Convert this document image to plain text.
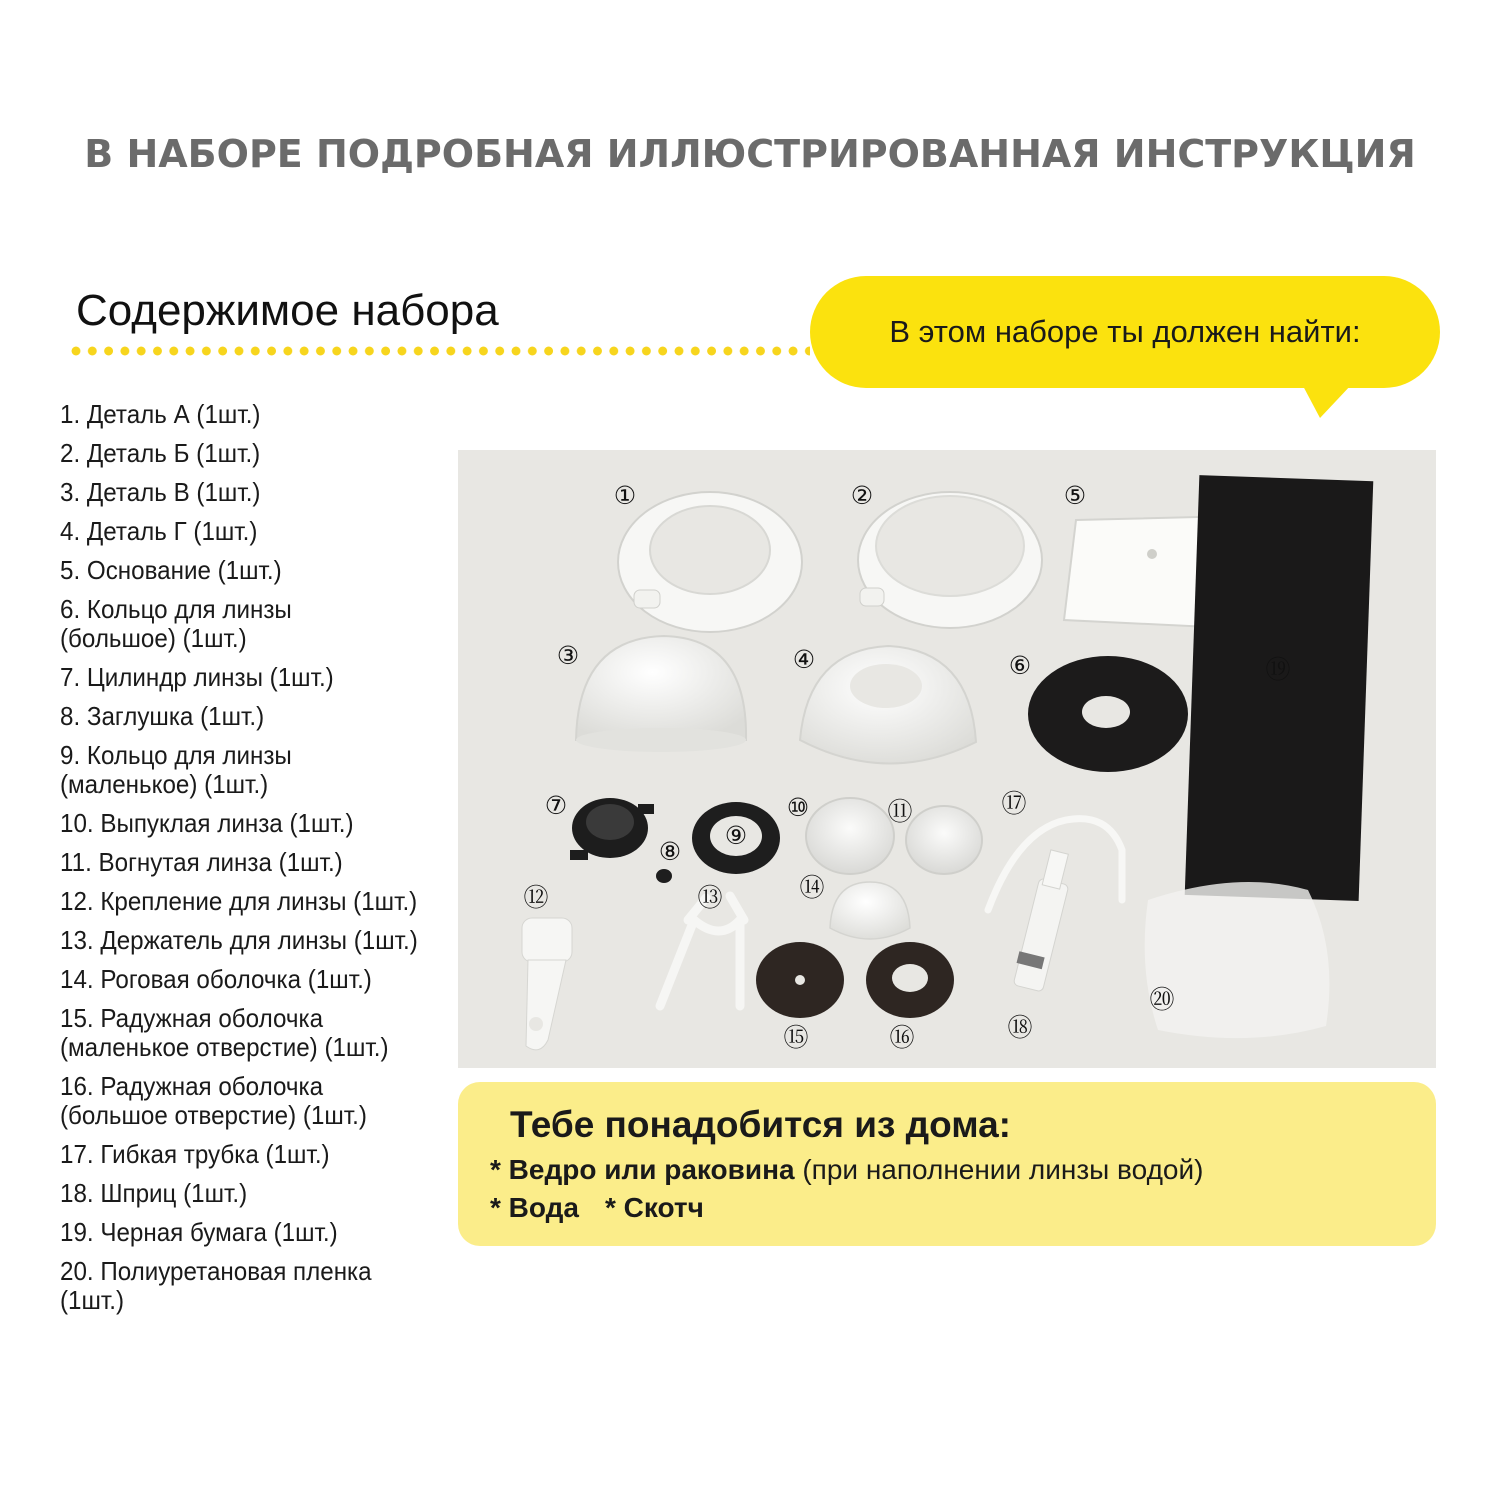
В НАБОРЕ ПОДРОБНАЯ ИЛЛЮСТРИРОВАННАЯ ИНСТРУКЦИЯ
Содержимое набора	В этом наборе ты должен найти:
1. Деталь А (1шт.)
2. Деталь Б (1шт.)
3. Деталь В (1шт.)
4. Деталь Г (1шт.)
5. Основание (1шт.)
6. Кольцо для линзы
(большое) (1шт.)
7. Цилиндр линзы (1шт.)
8. Заглушка (1шт.)
9. Кольцо для линзы
(маленькое) (1шт.)
10. Выпуклая линза (1шт.)
11. Вогнутая линза (1шт.)
12. Крепление для линзы (1шт.)
13. Держатель для линзы (1шт.)
14. Роговая оболочка (1шт.)
15. Радужная оболочка
(маленькое отверстие) (1шт.)
16. Радужная оболочка
(большое отверстие) (1шт.)
17. Гибкая трубка (1шт.)
18. Шприц (1шт.)
19. Черная бумага (1шт.)
20. Полиуретановая пленка (1шт.)
①	②
③	④
⑤
⑥
⑦
⑧
⑨
⑩	⑪
⑫	⑬	⑭
⑮	⑯
⑰
⑱
⑲
⑳
Тебе понадобится из дома:
* Ведро или раковина (при наполнении линзы водой)
* Вода * Скотч
